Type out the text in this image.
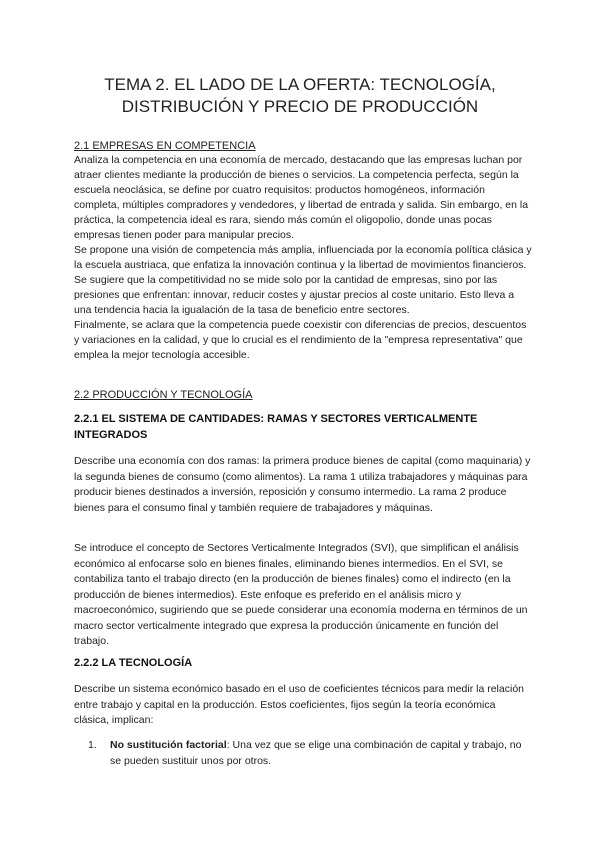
TEMA 2. EL LADO DE LA OFERTA: TECNOLOGÍA,
DISTRIBUCIÓN Y PRECIO DE PRODUCCIÓN
2.1 EMPRESAS EN COMPETENCIA

Analiza la competencia en una economía de mercado, destacando que las empresas luchan por atraer clientes mediante la producción de bienes o servicios. La competencia perfecta, según la escuela neoclásica, se define por cuatro requisitos: productos homogéneos, información completa, múltiples compradores y vendedores, y libertad de entrada y salida. Sin embargo, en la práctica, la competencia ideal es rara, siendo más común el oligopolio, donde unas pocas empresas tienen poder para manipular precios.

Se propone una visión de competencia más amplia, influenciada por la economía política clásica y la escuela austriaca, que enfatiza la innovación continua y la libertad de movimientos financieros. Se sugiere que la competitividad no se mide solo por la cantidad de empresas, sino por las presiones que enfrentan: innovar, reducir costes y ajustar precios al coste unitario. Esto lleva a una tendencia hacia la igualación de la tasa de beneficio entre sectores.

Finalmente, se aclara que la competencia puede coexistir con diferencias de precios, descuentos y variaciones en la calidad, y que lo crucial es el rendimiento de la "empresa representativa" que emplea la mejor tecnología accesible.

2.2 PRODUCCIÓN Y TECNOLOGÍA
2.2.1 EL SISTEMA DE CANTIDADES: RAMAS Y SECTORES VERTICALMENTE INTEGRADOS

Describe una economía con dos ramas: la primera produce bienes de capital (como maquinaria) y la segunda bienes de consumo (como alimentos). La rama 1 utiliza trabajadores y máquinas para producir bienes destinados a inversión, reposición y consumo intermedio. La rama 2 produce bienes para el consumo final y también requiere de trabajadores y máquinas.

Se introduce el concepto de Sectores Verticalmente Integrados (SVI), que simplifican el análisis económico al enfocarse solo en bienes finales, eliminando bienes intermedios. En el SVI, se contabiliza tanto el trabajo directo (en la producción de bienes finales) como el indirecto (en la producción de bienes intermedios). Este enfoque es preferido en el análisis micro y macroeconómico, sugiriendo que se puede considerar una economía moderna en términos de un macro sector verticalmente integrado que expresa la producción únicamente en función del trabajo.

2.2.2 LA TECNOLOGÍA

Describe un sistema económico basado en el uso de coeficientes técnicos para medir la relación entre trabajo y capital en la producción. Estos coeficientes, fijos según la teoría económica clásica, implican:

1. No sustitución factorial: Una vez que se elige una combinación de capital y trabajo, no se pueden sustituir unos por otros.
